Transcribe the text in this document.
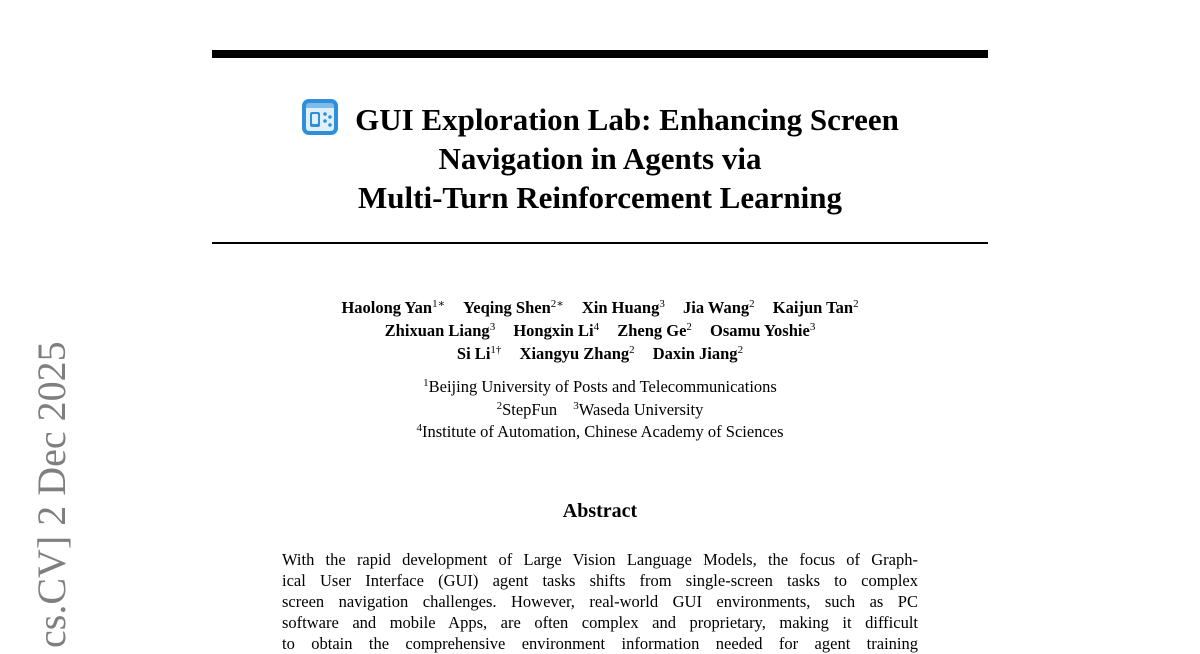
GUI Exploration Lab: Enhancing Screen
Navigation in Agents via
Multi-Turn Reinforcement Learning
Haolong Yan$^{1∗}$ Yeqing Shen$^{2∗}$ Xin Huang$^3$ Jia Wang$^2$ Kaijun Tan$^2$
Zhixuan Liang$^3$ Hongxin Li$^4$ Zheng Ge$^2$ Osamu Yoshie$^3$
Si $Li^{1\dagger}$ Xiangyu Zhang$^2$ Daxin Jiang$^2$
$^1$Beijing University of Posts and Telecommunications
$^2$StepFun $^3$Waseda University
$^4$Institute of Automation, Chinese Academy of Sciences
Abstract
With the rapid development of Large Vision Language Models, the focus of Graph-
ical User Interface (GUI) agent tasks shifts from single-screen tasks to complex
screen navigation challenges. However, real-world GUI environments, such as PC
software and mobile Apps, are often complex and proprietary, making it difficult
to obtain the comprehensive environment information needed for agent training
cs.CV] 2 Dec 2025
